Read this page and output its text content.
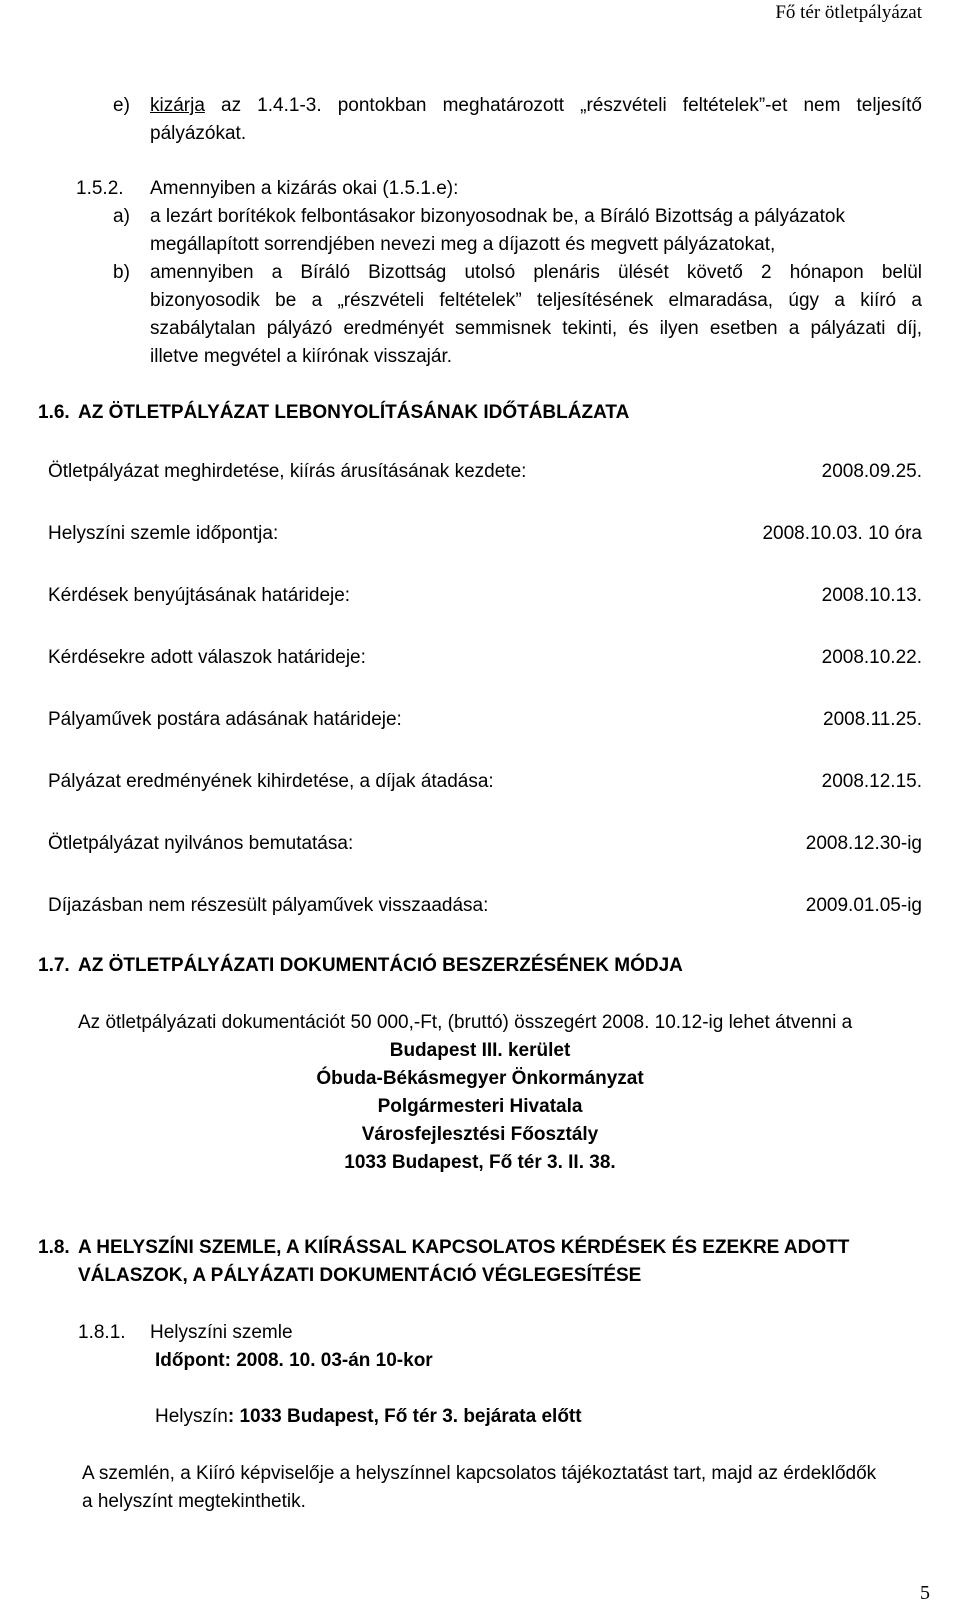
Fő tér ötletpályázat
e) kizárja az 1.4.1-3. pontokban meghatározott „részvételi feltételek”-et nem teljesítő
pályázókat.
1.5.2. Amennyiben a kizárás okai (1.5.1.e):
a) a lezárt borítékok felbontásakor bizonyosodnak be, a Bíráló Bizottság a pályázatok
megállapított sorrendjében nevezi meg a díjazott és megvett pályázatokat,
b) amennyiben a Bíráló Bizottság utolsó plenáris ülését követő 2 hónapon belül
bizonyosodik be a „részvételi feltételek” teljesítésének elmaradása, úgy a kiíró a
szabálytalan pályázó eredményét semmisnek tekinti, és ilyen esetben a pályázati díj,
illetve megvétel a kiírónak visszajár.
1.6. AZ ÖTLETPÁLYÁZAT LEBONYOLÍTÁSÁNAK IDŐTÁBLÁZATA
Ötletpályázat meghirdetése, kiírás árusításának kezdete:	2008.09.25.
Helyszíni szemle időpontja:	2008.10.03. 10 óra
Kérdések benyújtásának határideje:	2008.10.13.
Kérdésekre adott válaszok határideje:	2008.10.22.
Pályaművek postára adásának határideje:	2008.11.25.
Pályázat eredményének kihirdetése, a díjak átadása:	2008.12.15.
Ötletpályázat nyilvános bemutatása:	2008.12.30-ig
Díjazásban nem részesült pályaművek visszaadása:	2009.01.05-ig
1.7. AZ ÖTLETPÁLYÁZATI DOKUMENTÁCIÓ BESZERZÉSÉNEK MÓDJA
Az ötletpályázati dokumentációt 50 000,-Ft, (bruttó) összegért 2008. 10.12-ig lehet átvenni a
Budapest III. kerület
Óbuda-Békásmegyer Önkormányzat
Polgármesteri Hivatala
Városfejlesztési Főosztály
1033 Budapest, Fő tér 3. II. 38.
1.8. A HELYSZÍNI SZEMLE, A KIÍRÁSSAL KAPCSOLATOS KÉRDÉSEK ÉS EZEKRE ADOTT
VÁLASZOK, A PÁLYÁZATI DOKUMENTÁCIÓ VÉGLEGESÍTÉSE
1.8.1. Helyszíni szemle
Időpont: 2008. 10. 03-án 10-kor
Helyszín: 1033 Budapest, Fő tér 3. bejárata előtt
A szemlén, a Kiíró képviselője a helyszínnel kapcsolatos tájékoztatást tart, majd az érdeklődők
a helyszínt megtekinthetik.
5
